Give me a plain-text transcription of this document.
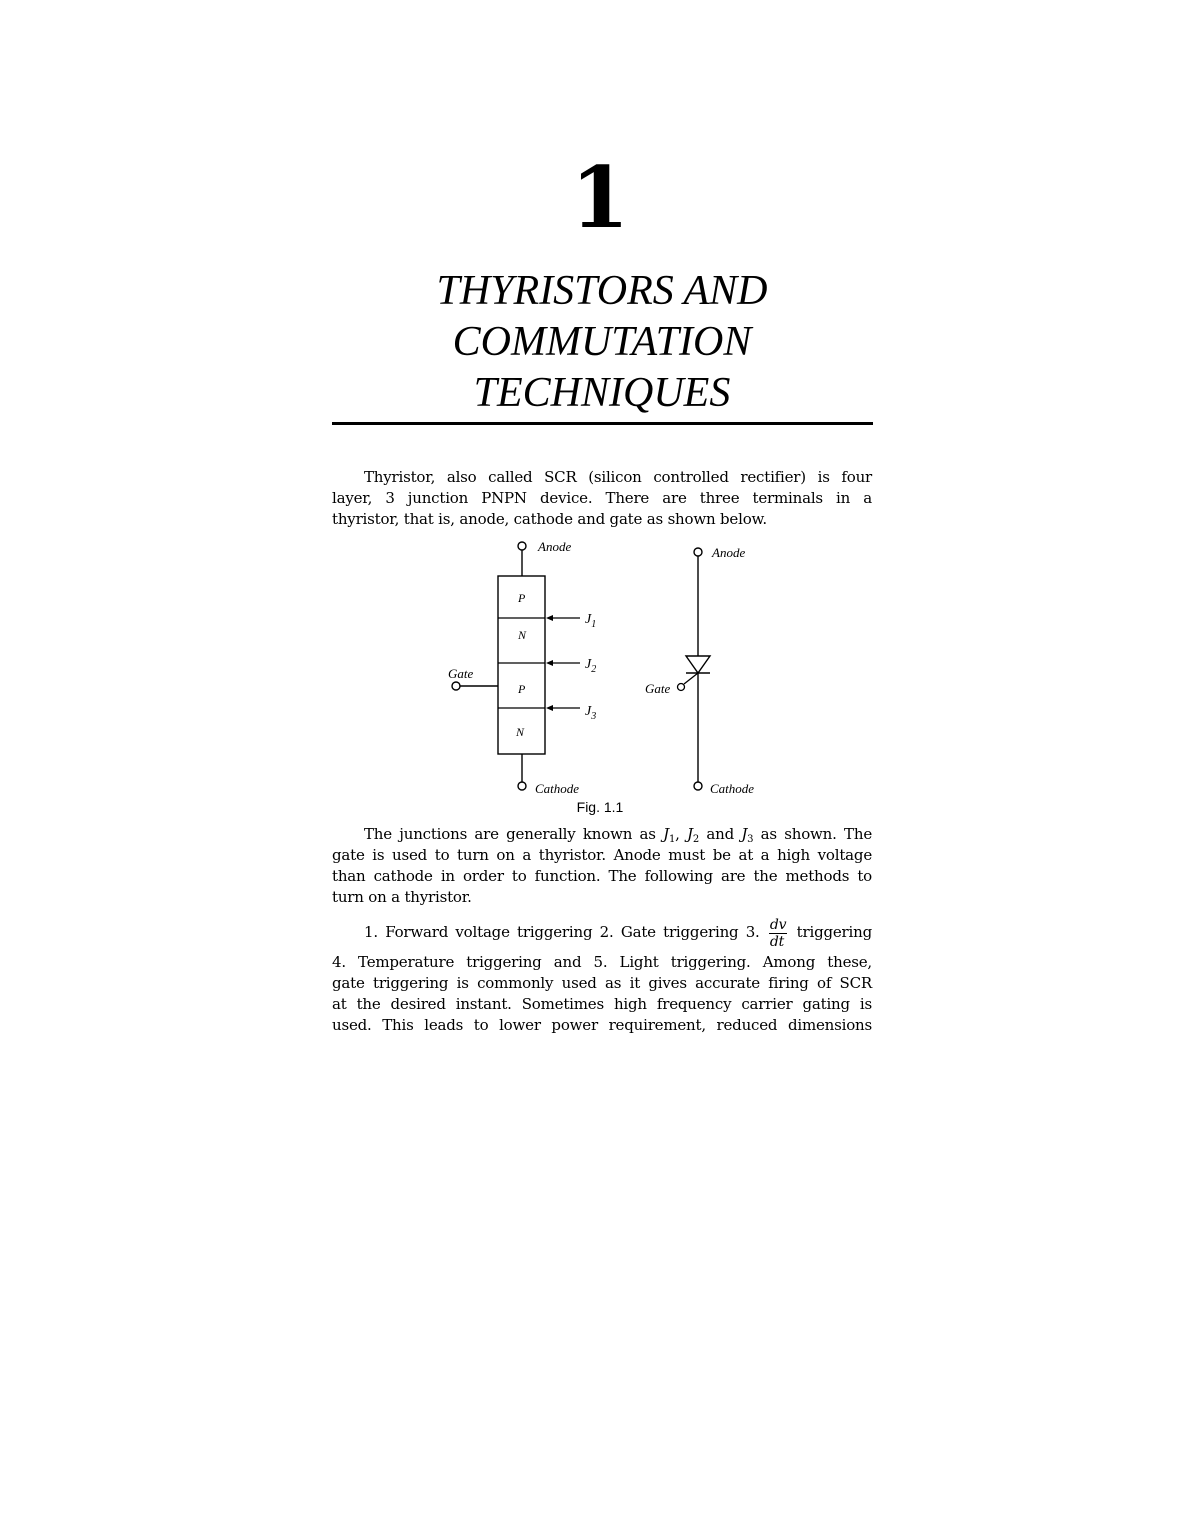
1
THYRISTORS AND
COMMUTATION
TECHNIQUES
Thyristor, also called SCR (silicon controlled rectifier) is four
layer, 3 junction PNPN device. There are three terminals in a
thyristor, that is, anode, cathode and gate as shown below.
Anode
P
N
P
N
$J_1$
$J_2$
$J_3$
Gate
Cathode
Anode
Gate
Cathode
Fig. 1.1
The junctions are generally known as $J_1$, $J_2$ and $J_3$ as shown. The
gate is used to turn on a thyristor. Anode must be at a high voltage
than cathode in order to function. The following are the methods to
turn on a thyristor.
1. Forward voltage triggering 2. Gate triggering 3. $\frac{dv}{dt}$ triggering
4. Temperature triggering and 5. Light triggering. Among these,
gate triggering is commonly used as it gives accurate firing of SCR
at the desired instant. Sometimes high frequency carrier gating is
used. This leads to lower power requirement, reduced dimensions
